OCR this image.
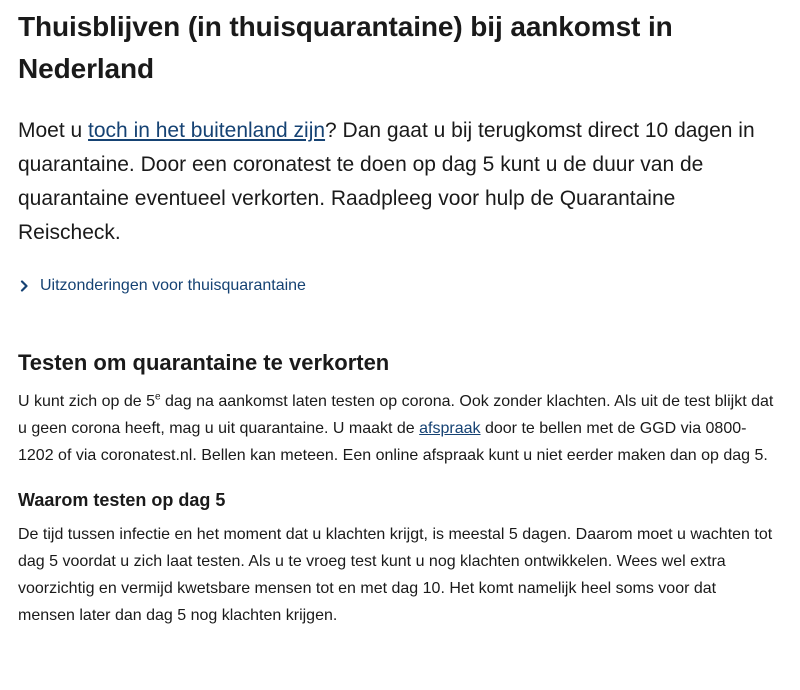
Thuisblijven (in thuisquarantaine) bij aankomst in Nederland

Moet u toch in het buitenland zijn? Dan gaat u bij terugkomst direct 10 dagen in quarantaine. Door een coronatest te doen op dag 5 kunt u de duur van de quarantaine eventueel verkorten. Raadpleeg voor hulp de Quarantaine Reischeck.

Uitzonderingen voor thuisquarantaine
Testen om quarantaine te verkorten

U kunt zich op de 5e dag na aankomst laten testen op corona. Ook zonder klachten. Als uit de test blijkt dat u geen corona heeft, mag u uit quarantaine. U maakt de afspraak door te bellen met de GGD via 0800-1202 of via coronatest.nl. Bellen kan meteen. Een online afspraak kunt u niet eerder maken dan op dag 5.

Waarom testen op dag 5

De tijd tussen infectie en het moment dat u klachten krijgt, is meestal 5 dagen. Daarom moet u wachten tot dag 5 voordat u zich laat testen. Als u te vroeg test kunt u nog klachten ontwikkelen. Wees wel extra voorzichtig en vermijd kwetsbare mensen tot en met dag 10. Het komt namelijk heel soms voor dat mensen later dan dag 5 nog klachten krijgen.
